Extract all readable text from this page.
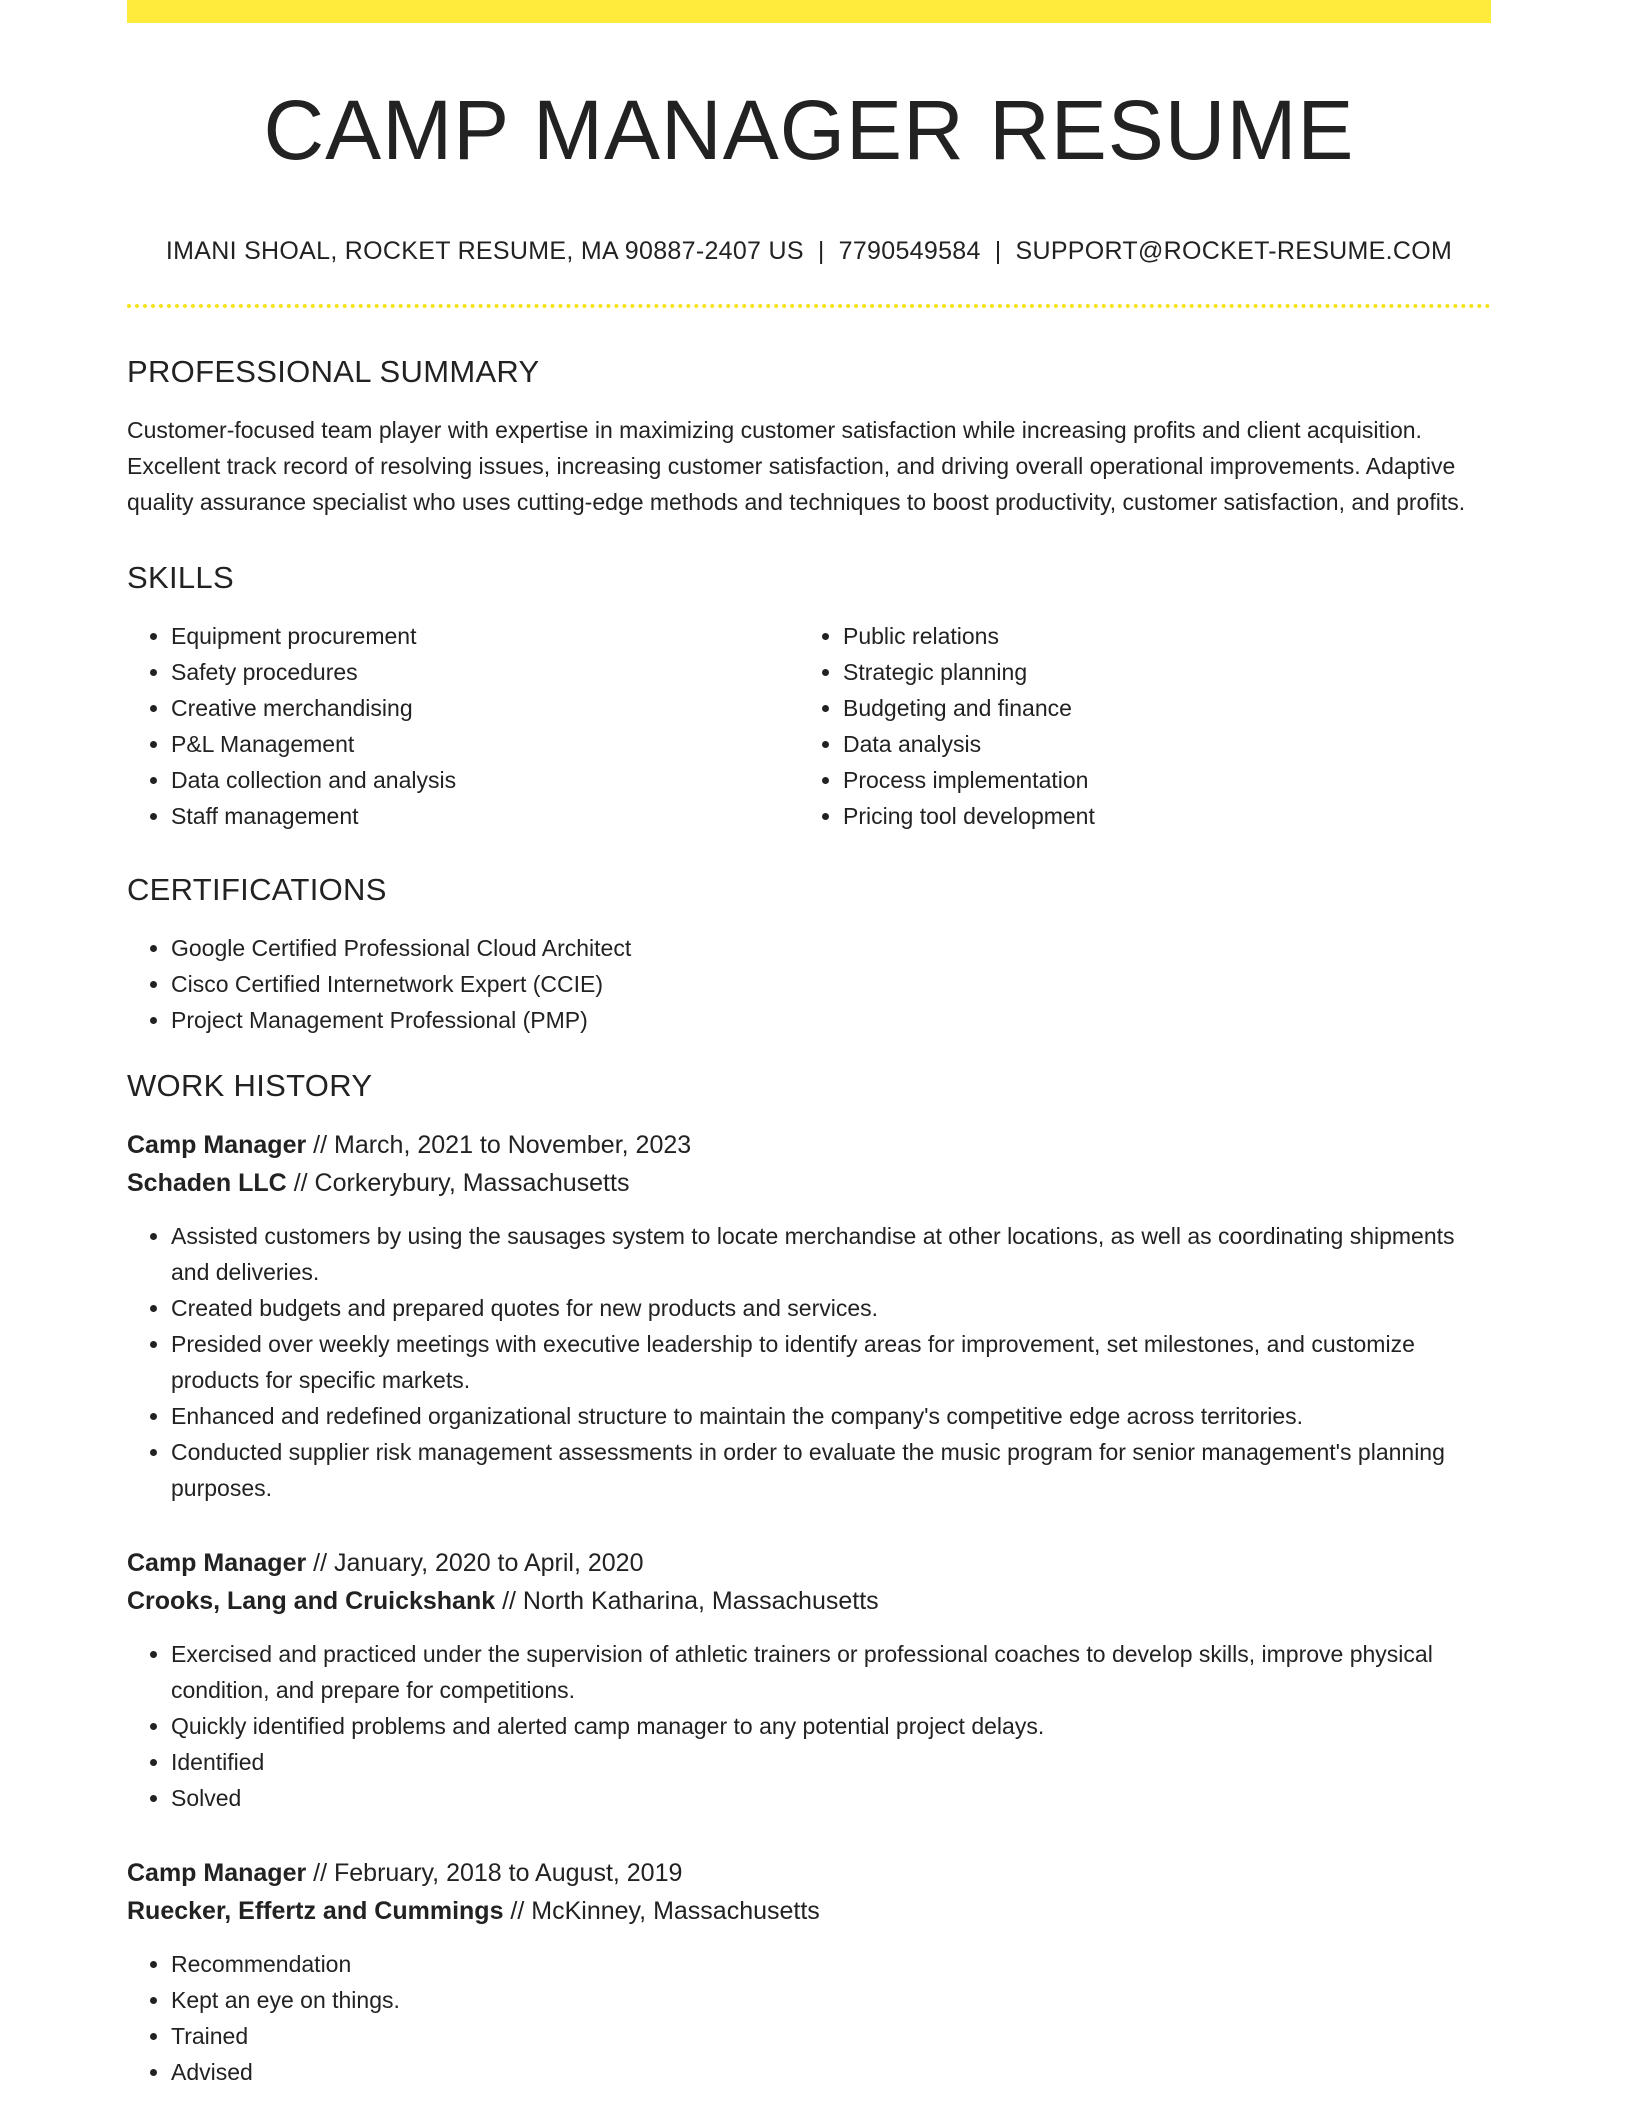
CAMP MANAGER RESUME
IMANI SHOAL, ROCKET RESUME, MA 90887-2407 US | 7790549584 | SUPPORT@ROCKET-RESUME.COM
PROFESSIONAL SUMMARY
Customer-focused team player with expertise in maximizing customer satisfaction while increasing profits and client acquisition. Excellent track record of resolving issues, increasing customer satisfaction, and driving overall operational improvements. Adaptive quality assurance specialist who uses cutting-edge methods and techniques to boost productivity, customer satisfaction, and profits.
SKILLS
• Equipment procurement
• Safety procedures
• Creative merchandising
• P&L Management
• Data collection and analysis
• Staff management
• Public relations
• Strategic planning
• Budgeting and finance
• Data analysis
• Process implementation
• Pricing tool development
CERTIFICATIONS
• Google Certified Professional Cloud Architect
• Cisco Certified Internetwork Expert (CCIE)
• Project Management Professional (PMP)
WORK HISTORY
Camp Manager // March, 2021 to November, 2023
Schaden LLC // Corkerybury, Massachusetts
• Assisted customers by using the sausages system to locate merchandise at other locations, as well as coordinating shipments and deliveries.
• Created budgets and prepared quotes for new products and services.
• Presided over weekly meetings with executive leadership to identify areas for improvement, set milestones, and customize products for specific markets.
• Enhanced and redefined organizational structure to maintain the company's competitive edge across territories.
• Conducted supplier risk management assessments in order to evaluate the music program for senior management's planning purposes.
Camp Manager // January, 2020 to April, 2020
Crooks, Lang and Cruickshank // North Katharina, Massachusetts
• Exercised and practiced under the supervision of athletic trainers or professional coaches to develop skills, improve physical condition, and prepare for competitions.
• Quickly identified problems and alerted camp manager to any potential project delays.
• Identified
• Solved
Camp Manager // February, 2018 to August, 2019
Ruecker, Effertz and Cummings // McKinney, Massachusetts
• Recommendation
• Kept an eye on things.
• Trained
• Advised
